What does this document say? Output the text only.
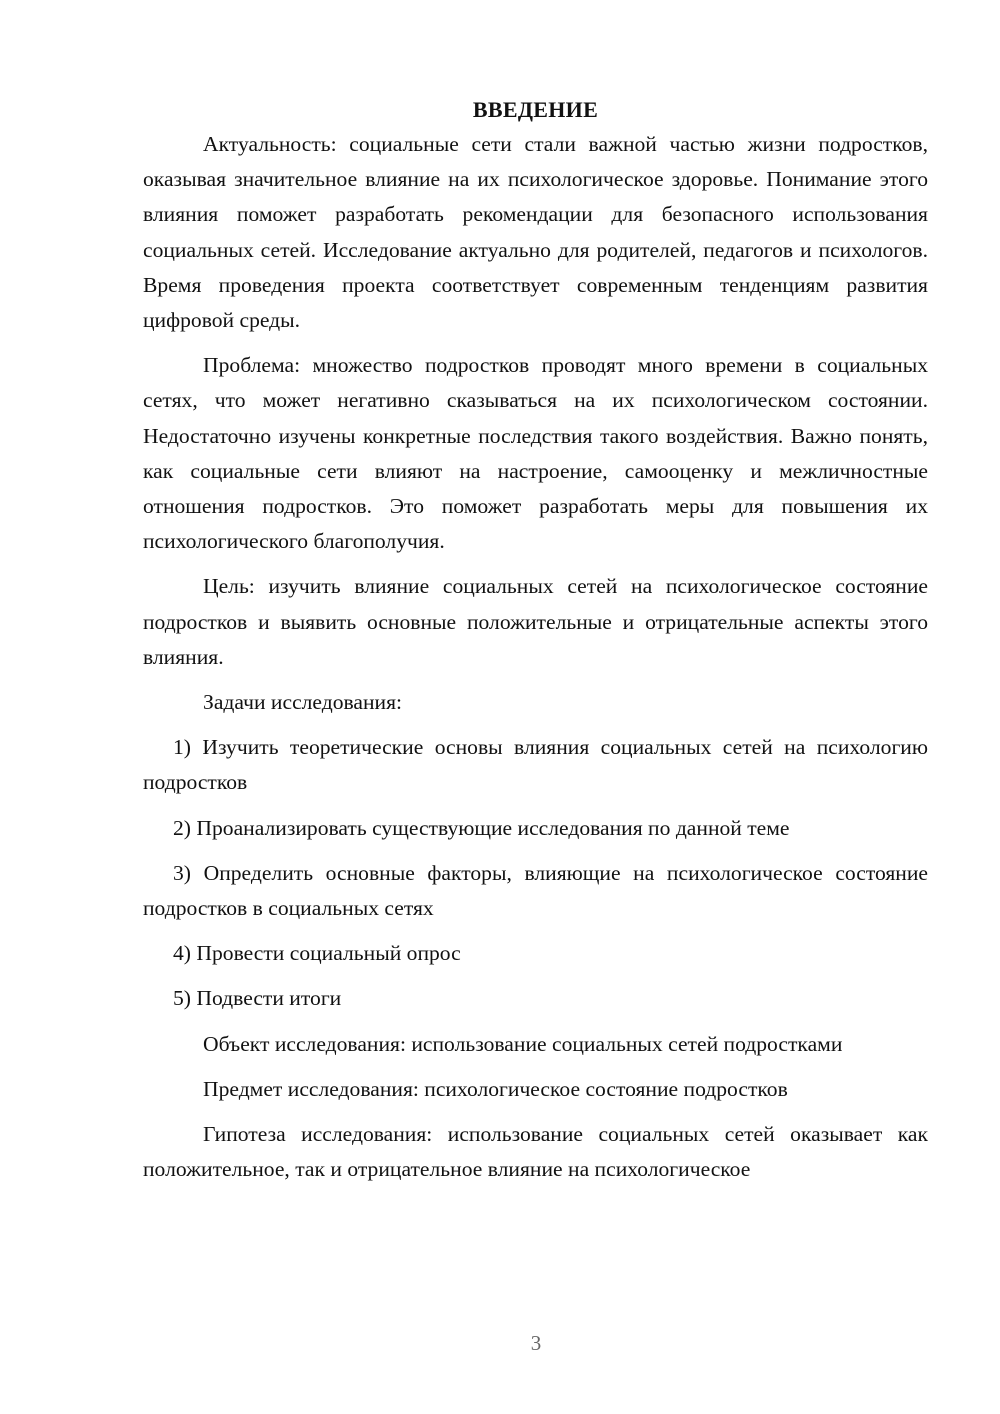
ВВЕДЕНИЕ

Актуальность: социальные сети стали важной частью жизни подростков, оказывая значительное влияние на их психологическое здоровье. Понимание этого влияния поможет разработать рекомендации для безопасного использования социальных сетей. Исследование актуально для родителей, педагогов и психологов. Время проведения проекта соответствует современным тенденциям развития цифровой среды.

Проблема: множество подростков проводят много времени в социальных сетях, что может негативно сказываться на их психологическом состоянии. Недостаточно изучены конкретные последствия такого воздействия. Важно понять, как социальные сети влияют на настроение, самооценку и межличностные отношения подростков. Это поможет разработать меры для повышения их психологического благополучия.

Цель: изучить влияние социальных сетей на психологическое состояние подростков и выявить основные положительные и отрицательные аспекты этого влияния.

Задачи исследования:

1) Изучить теоретические основы влияния социальных сетей на психологию подростков

2) Проанализировать существующие исследования по данной теме

3) Определить основные факторы, влияющие на психологическое состояние подростков в социальных сетях

4) Провести социальный опрос

5) Подвести итоги

Объект исследования: использование социальных сетей подростками

Предмет исследования: психологическое состояние подростков

Гипотеза исследования: использование социальных сетей оказывает как положительное, так и отрицательное влияние на психологическое

3
